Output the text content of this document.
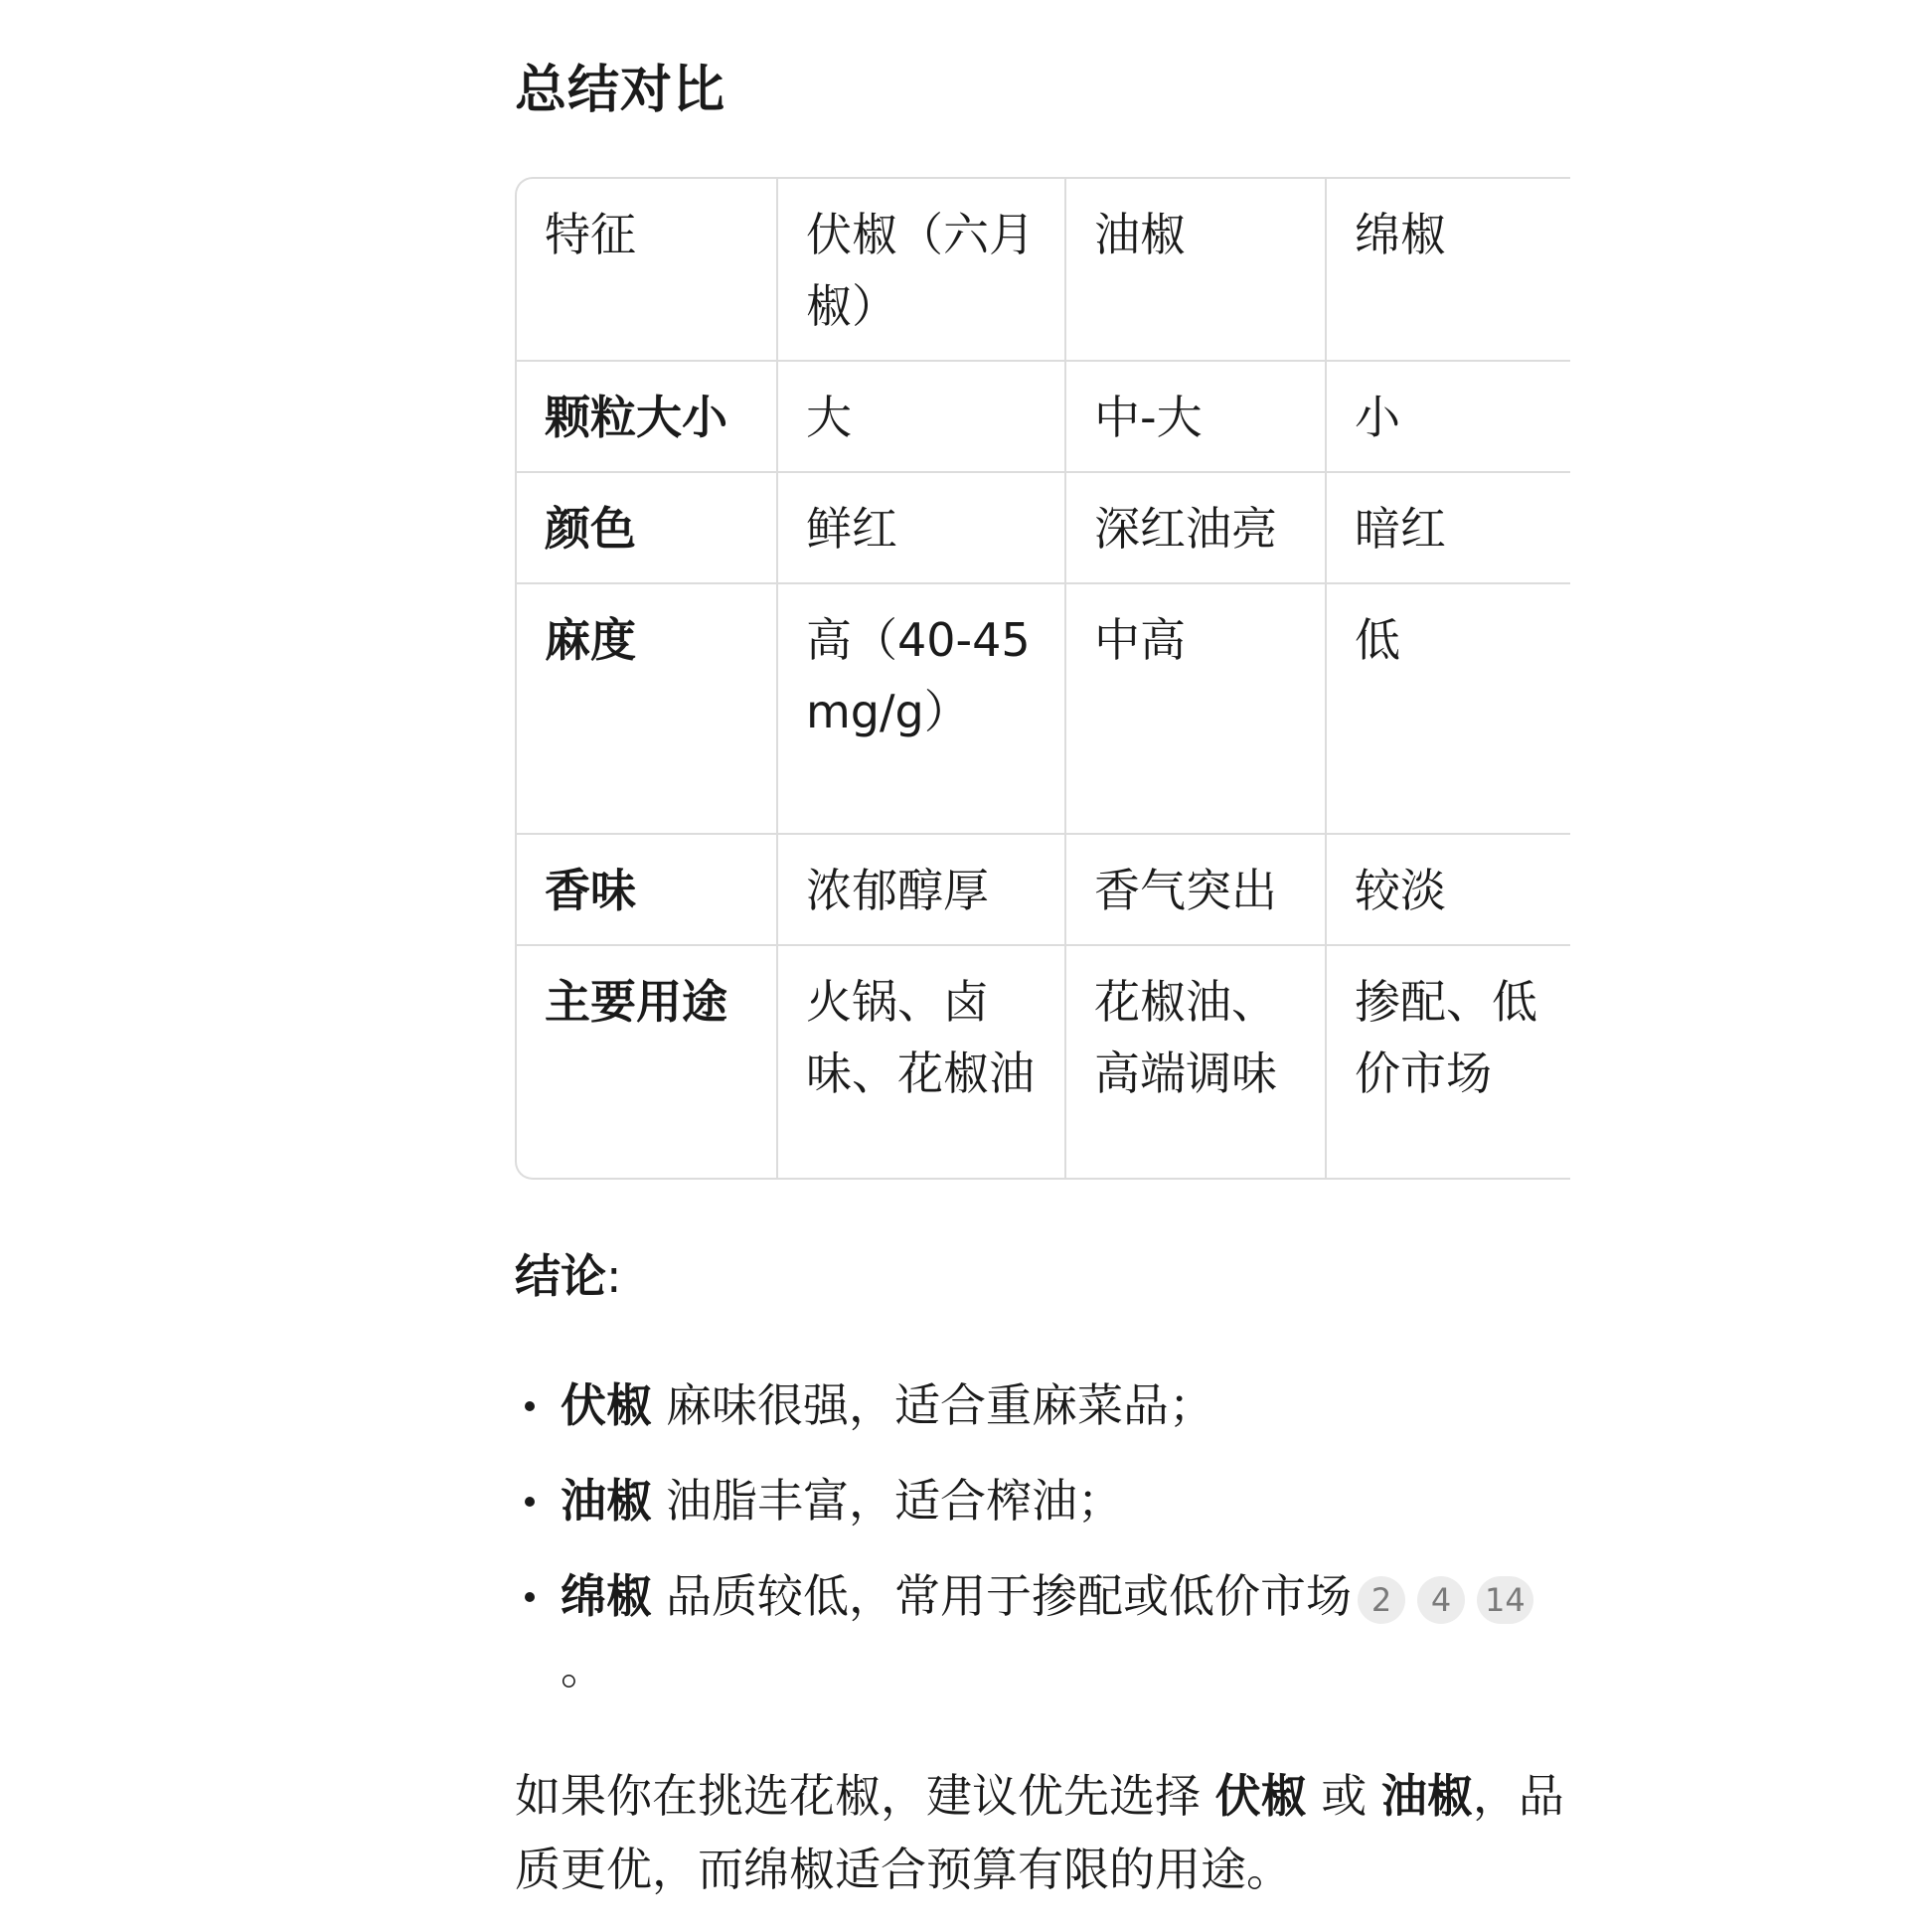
总结对比
特征	伏椒（六月椒）	油椒	绵椒
颗粒大小	大	中-大	小
颜色	鲜红	深红油亮	暗红
麻度	高（40-45mg/g）	中高	低
香味	浓郁醇厚	香气突出	较淡
主要用途	火锅、卤味、花椒油	花椒油、高端调味	掺配、低价市场
结论:
伏椒 麻味很强，适合重麻菜品；
油椒 油脂丰富，适合榨油；
绵椒 品质较低，常用于掺配或低价市场 2 4 14。
如果你在挑选花椒，建议优先选择 伏椒 或 油椒，品质更优，而绵椒适合预算有限的用途。
